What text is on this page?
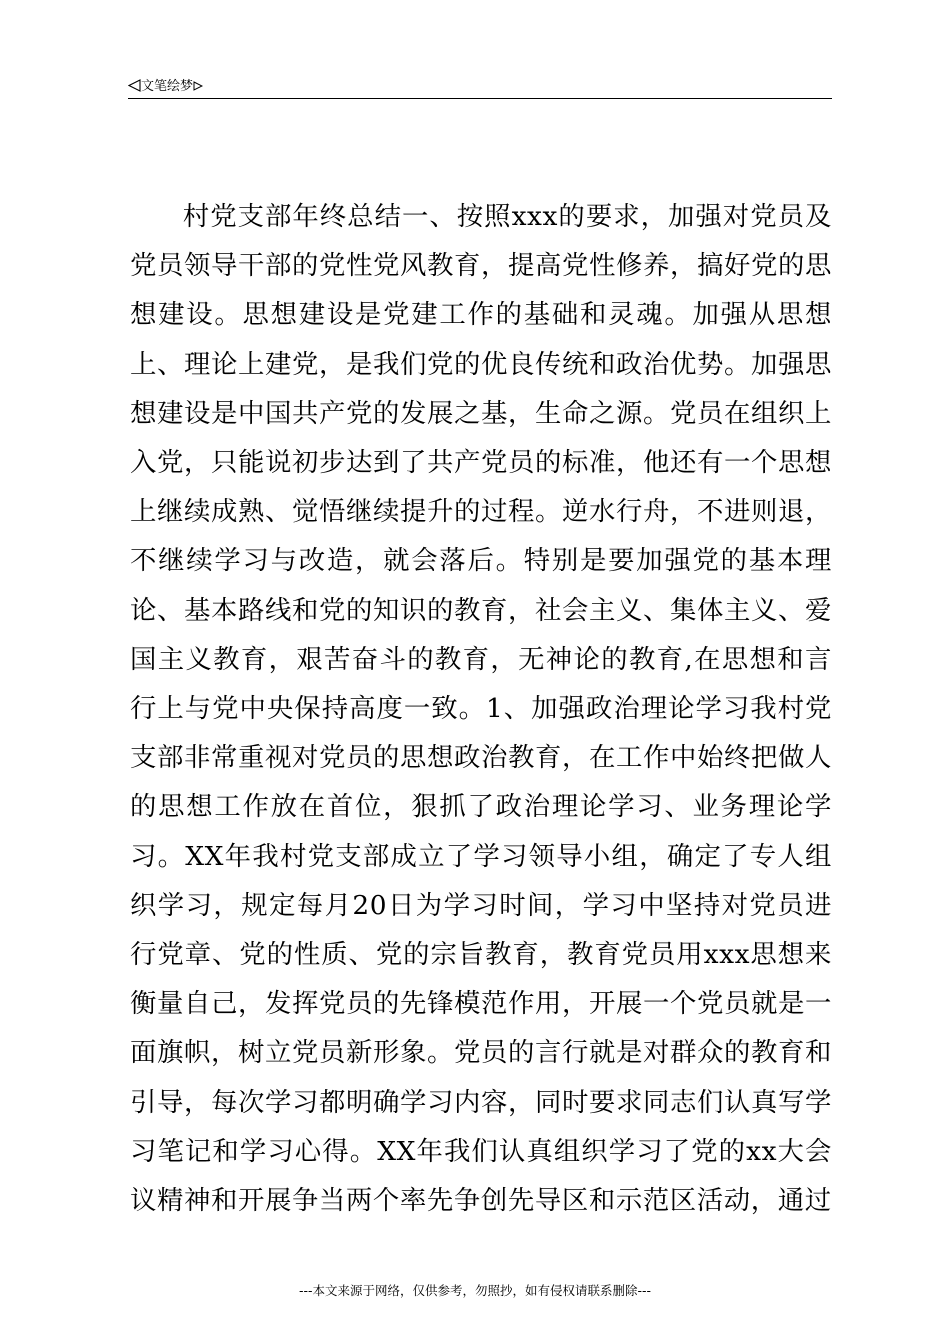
文笔绘梦
村党支部年终总结一、按照xxx的要求，加强对党员及党员领导干部的党性党风教育，提高党性修养，搞好党的思想建设。思想建设是党建工作的基础和灵魂。加强从思想上、理论上建党，是我们党的优良传统和政治优势。加强思想建设是中国共产党的发展之基，生命之源。党员在组织上入党，只能说初步达到了共产党员的标准，他还有一个思想上继续成熟、觉悟继续提升的过程。逆水行舟，不进则退，不继续学习与改造，就会落后。特别是要加强党的基本理论、基本路线和党的知识的教育，社会主义、集体主义、爱国主义教育，艰苦奋斗的教育，无神论的教育,在思想和言行上与党中央保持高度一致。1、加强政治理论学习我村党支部非常重视对党员的思想政治教育，在工作中始终把做人的思想工作放在首位，狠抓了政治理论学习、业务理论学习。XX年我村党支部成立了学习领导小组，确定了专人组织学习，规定每月20日为学习时间，学习中坚持对党员进行党章、党的性质、党的宗旨教育，教育党员用xxx思想来衡量自己，发挥党员的先锋模范作用，开展一个党员就是一面旗帜，树立党员新形象。党员的言行就是对群众的教育和引导，每次学习都明确学习内容，同时要求同志们认真写学习笔记和学习心得。XX年我们认真组织学习了党的xx大会议精神和开展争当两个率先争创先导区和示范区活动，通过
---本文来源于网络，仅供参考，勿照抄，如有侵权请联系删除---
